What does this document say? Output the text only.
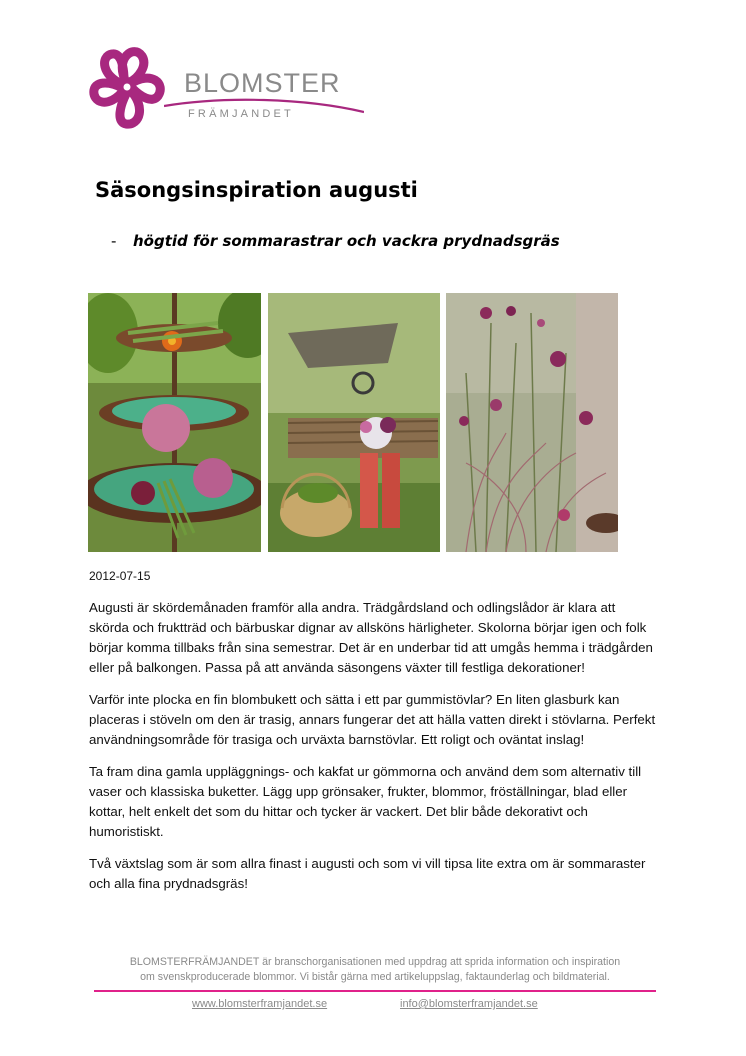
BLOMSTER
FRÄMJANDET
Säsongsinspiration augusti
- högtid för sommarastrar och vackra prydnadsgräs
2012-07-15

Augusti är skördemånaden framför alla andra. Trädgårdsland och odlingslådor är klara att skörda och fruktträd och bärbuskar dignar av allsköns härligheter. Skolorna börjar igen och folk börjar komma tillbaks från sina semestrar. Det är en underbar tid att umgås hemma i trädgården eller på balkongen. Passa på att använda säsongens växter till festliga dekorationer!

Varför inte plocka en fin blombukett och sätta i ett par gummistövlar? En liten glasburk kan placeras i stöveln om den är trasig, annars fungerar det att hälla vatten direkt i stövlarna. Perfekt användningsområde för trasiga och urväxta barnstövlar. Ett roligt och oväntat inslag!

Ta fram dina gamla uppläggnings- och kakfat ur gömmorna och använd dem som alternativ till vaser och klassiska buketter. Lägg upp grönsaker, frukter, blommor, fröställningar, blad eller kottar, helt enkelt det som du hittar och tycker är vackert. Det blir både dekorativt och humoristiskt.

Två växtslag som är som allra finast i augusti och som vi vill tipsa lite extra om är sommaraster och alla fina prydnadsgräs!

BLOMSTERFRÄMJANDET är branschorganisationen med uppdrag att sprida information och inspiration
om svenskproducerade blommor. Vi bistår gärna med artikeluppslag, faktaunderlag och bildmaterial.
www.blomsterframjandet.se	info@blomsterframjandet.se
